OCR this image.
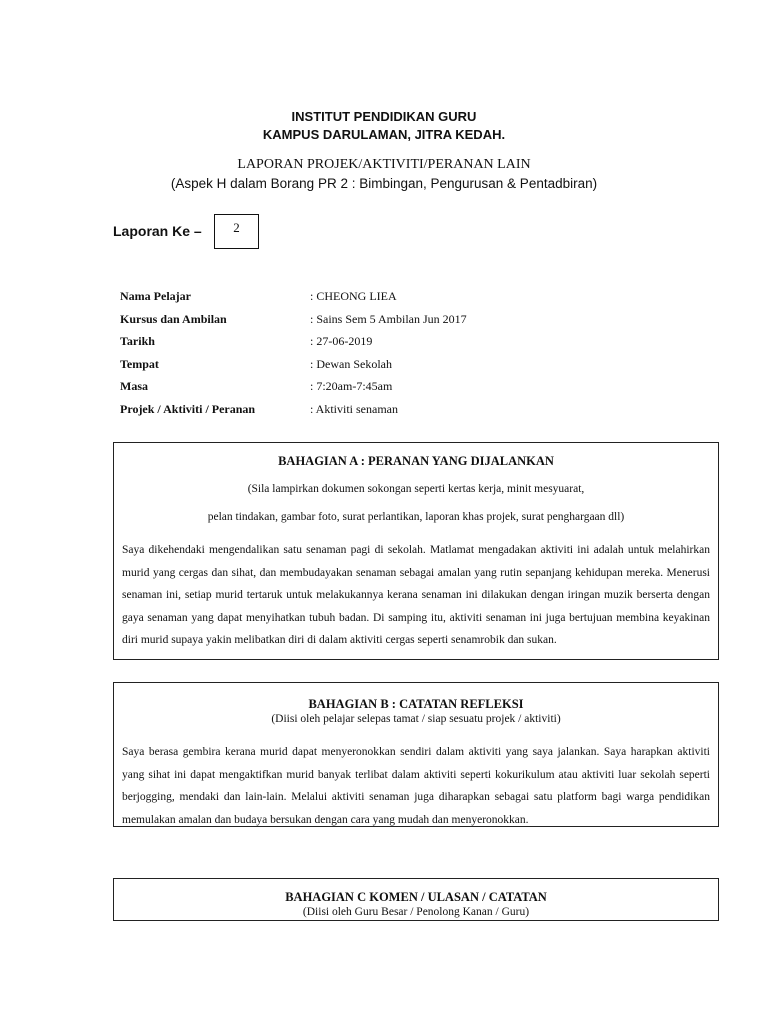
INSTITUT PENDIDIKAN GURU
KAMPUS DARULAMAN, JITRA KEDAH.
LAPORAN PROJEK/AKTIVITI/PERANAN LAIN
(Aspek H dalam Borang PR 2 : Bimbingan, Pengurusan & Pentadbiran)
Laporan Ke –	2
Nama Pelajar	: CHEONG LIEA
Kursus dan Ambilan	: Sains Sem 5 Ambilan Jun 2017
Tarikh	: 27-06-2019
Tempat	: Dewan Sekolah
Masa	: 7:20am-7:45am
Projek / Aktiviti / Peranan	: Aktiviti senaman
BAHAGIAN A : PERANAN YANG DIJALANKAN
(Sila lampirkan dokumen sokongan seperti kertas kerja, minit mesyuarat,
pelan tindakan, gambar foto, surat perlantikan, laporan khas projek, surat penghargaan dll)
Saya dikehendaki mengendalikan satu senaman pagi di sekolah. Matlamat mengadakan aktiviti ini adalah untuk melahirkan murid yang cergas dan sihat, dan membudayakan senaman sebagai amalan yang rutin sepanjang kehidupan mereka. Menerusi senaman ini, setiap murid tertaruk untuk melakukannya kerana senaman ini dilakukan dengan iringan muzik berserta dengan gaya senaman yang dapat menyihatkan tubuh badan. Di samping itu, aktiviti senaman ini juga bertujuan membina keyakinan diri murid supaya yakin melibatkan diri di dalam aktiviti cergas seperti senamrobik dan sukan.
BAHAGIAN B : CATATAN REFLEKSI
(Diisi oleh pelajar selepas tamat / siap sesuatu projek / aktiviti)
Saya berasa gembira kerana murid dapat menyeronokkan sendiri dalam aktiviti yang saya jalankan. Saya harapkan aktiviti yang sihat ini dapat mengaktifkan murid banyak terlibat dalam aktiviti seperti kokurikulum atau aktiviti luar sekolah seperti berjogging, mendaki dan lain-lain. Melalui aktiviti senaman juga diharapkan sebagai satu platform bagi warga pendidikan memulakan amalan dan budaya bersukan dengan cara yang mudah dan menyeronokkan.
BAHAGIAN C KOMEN / ULASAN / CATATAN
(Diisi oleh Guru Besar / Penolong Kanan / Guru)
